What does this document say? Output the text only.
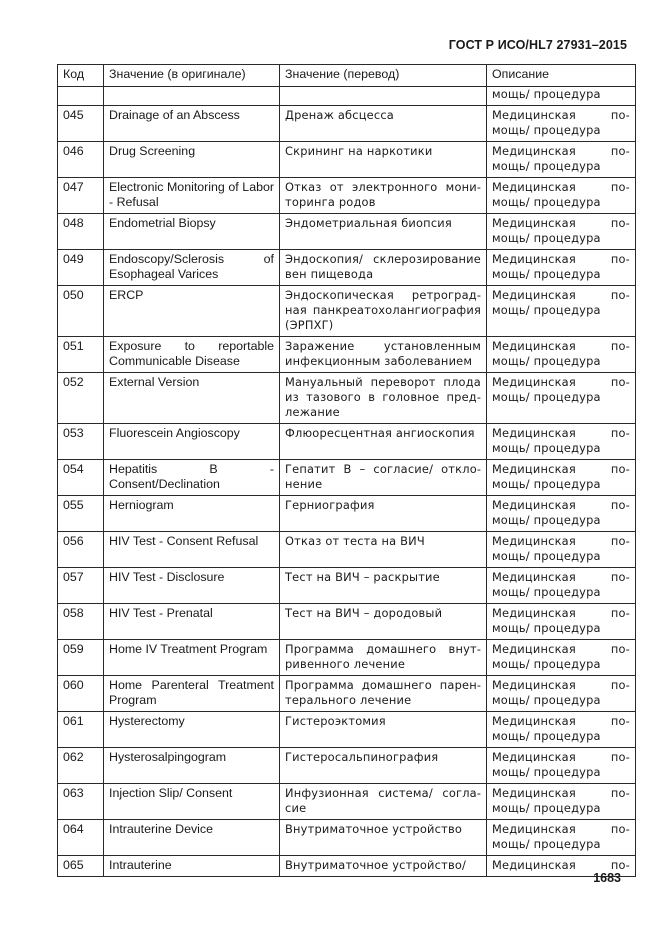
ГОСТ Р ИСО/HL7 27931–2015
Код	Значение (в оригинале)	Значение (перевод)	Описание
			мощь/ процедура
045	Drainage of an Abscess	Дренаж абсцесса	Медицинская по-
мощь/ процедура

046	Drug Screening	Скрининг на наркотики	Медицинская по-
мощь/ процедура

047	Electronic Monitoring of Labor - Refusal	Отказ от электронного мониторинга родов	Медицинская по-
мощь/ процедура

048	Endometrial Biopsy	Эндометриальная биопсия	Медицинская по-
мощь/ процедура

049	Endoscopy/Sclerosis of Esophageal Varices	Эндоскопия/ склерозирование вен пищевода	Медицинская по-
мощь/ процедура

050	ERCP	Эндоскопическая ретроградная панкреатохолангиография (ЭРПХГ)	Медицинская по-
мощь/ процедура

051	Exposure to reportable Communicable Disease	Заражение установленным инфекционным заболеванием	Медицинская по-
мощь/ процедура

052	External Version	Мануальный переворот плода из тазового в головное предлежание	Медицинская по-
мощь/ процедура

053	Fluorescein Angioscopy	Флюоресцентная ангиоскопия	Медицинская по-
мощь/ процедура

054	Hepatitis B - Consent/Declination	Гепатит B – согласие/ отклонение	Медицинская по-
мощь/ процедура

055	Herniogram	Герниография	Медицинская по-
мощь/ процедура

056	HIV Test - Consent Refusal	Отказ от теста на ВИЧ	Медицинская по-
мощь/ процедура

057	HIV Test - Disclosure	Тест на ВИЧ – раскрытие	Медицинская по-
мощь/ процедура

058	HIV Test - Prenatal	Тест на ВИЧ – дородовый	Медицинская по-
мощь/ процедура

059	Home IV Treatment Program	Программа домашнего внутривенного лечение	Медицинская по-
мощь/ процедура

060	Home Parenteral Treatment Program	Программа домашнего парентерального лечение	Медицинская по-
мощь/ процедура

061	Hysterectomy	Гистероэктомия	Медицинская по-
мощь/ процедура

062	Hysterosalpingogram	Гистеросальпинография	Медицинская по-
мощь/ процедура

063	Injection Slip/ Consent	Инфузионная система/ согласие	Медицинская по-
мощь/ процедура

064	Intrauterine Device	Внутриматочное устройство	Медицинская по-
мощь/ процедура

065	Intrauterine	Внутриматочное устройство/	Медицинская по-
1683
